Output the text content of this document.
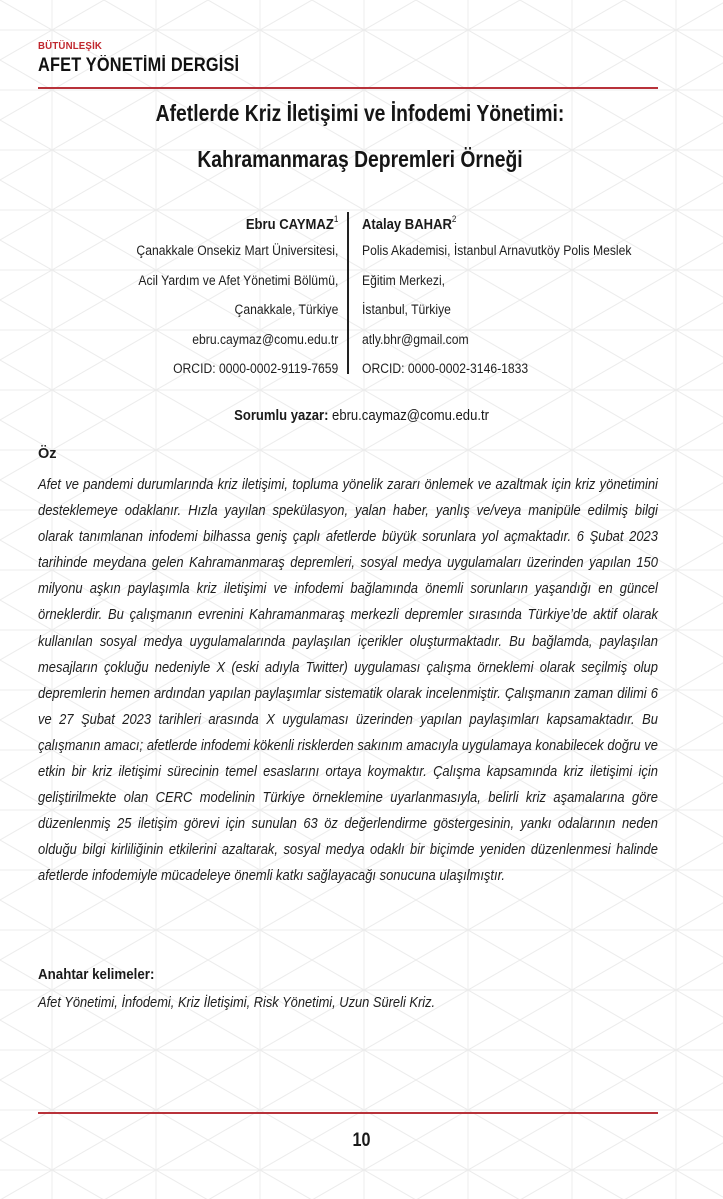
BÜTÜNLEŞİK
AFET YÖNETİMİ DERGİSİ
Afetlerde Kriz İletişimi ve İnfodemi Yönetimi:
Kahramanmaraş Depremleri Örneği
Ebru CAYMAZ$^1$
Çanakkale Onsekiz Mart Üniversitesi,
Acil Yardım ve Afet Yönetimi Bölümü,
Çanakkale, Türkiye
ebru.caymaz@comu.edu.tr
ORCID: 0000-0002-9119-7659
Atalay BAHAR$^2$
Polis Akademisi, İstanbul Arnavutköy Polis Meslek
Eğitim Merkezi,
İstanbul, Türkiye
atly.bhr@gmail.com
ORCID: 0000-0002-3146-1833
Sorumlu yazar: ebru.caymaz@comu.edu.tr
Öz
Afet ve pandemi durumlarında kriz iletişimi, topluma yönelik zararı önlemek ve azaltmak için kriz yönetimini desteklemeye odaklanır. Hızla yayılan spekülasyon, yalan haber, yanlış ve/veya manipüle edilmiş bilgi olarak tanımlanan infodemi bilhassa geniş çaplı afetlerde büyük sorunlara yol açmaktadır. 6 Şubat 2023 tarihinde meydana gelen Kahramanmaraş depremleri, sosyal medya uygulamaları üzerinden yapılan 150 milyonu aşkın paylaşımla kriz iletişimi ve infodemi bağlamında önemli sorunların yaşandığı en güncel örneklerdir. Bu çalışmanın evrenini Kahramanmaraş merkezli depremler sırasında Türkiye’de aktif olarak kullanılan sosyal medya uygulamalarında paylaşılan içerikler oluşturmaktadır. Bu bağlamda, paylaşılan mesajların çokluğu nedeniyle X (eski adıyla Twitter) uygulaması çalışma örneklemi olarak seçilmiş olup depremlerin hemen ardından yapılan paylaşımlar sistematik olarak incelenmiştir. Çalışmanın zaman dilimi 6 ve 27 Şubat 2023 tarihleri arasında X uygulaması üzerinden yapılan paylaşımları kapsamaktadır. Bu çalışmanın amacı; afetlerde infodemi kökenli risklerden sakınım amacıyla uygulamaya konabilecek doğru ve etkin bir kriz iletişimi sürecinin temel esaslarını ortaya koymaktır. Çalışma kapsamında kriz iletişimi için geliştirilmekte olan CERC modelinin Türkiye örneklemine uyarlanmasıyla, belirli kriz aşamalarına göre düzenlenmiş 25 iletişim görevi için sunulan 63 öz değerlendirme göstergesinin, yankı odalarının neden olduğu bilgi kirliliğinin etkilerini azaltarak, sosyal medya odaklı bir biçimde yeniden düzenlenmesi halinde afetlerde infodemiyle mücadeleye önemli katkı sağlayacağı sonucuna ulaşılmıştır.
Anahtar kelimeler:
Afet Yönetimi, İnfodemi, Kriz İletişimi, Risk Yönetimi, Uzun Süreli Kriz.
10
